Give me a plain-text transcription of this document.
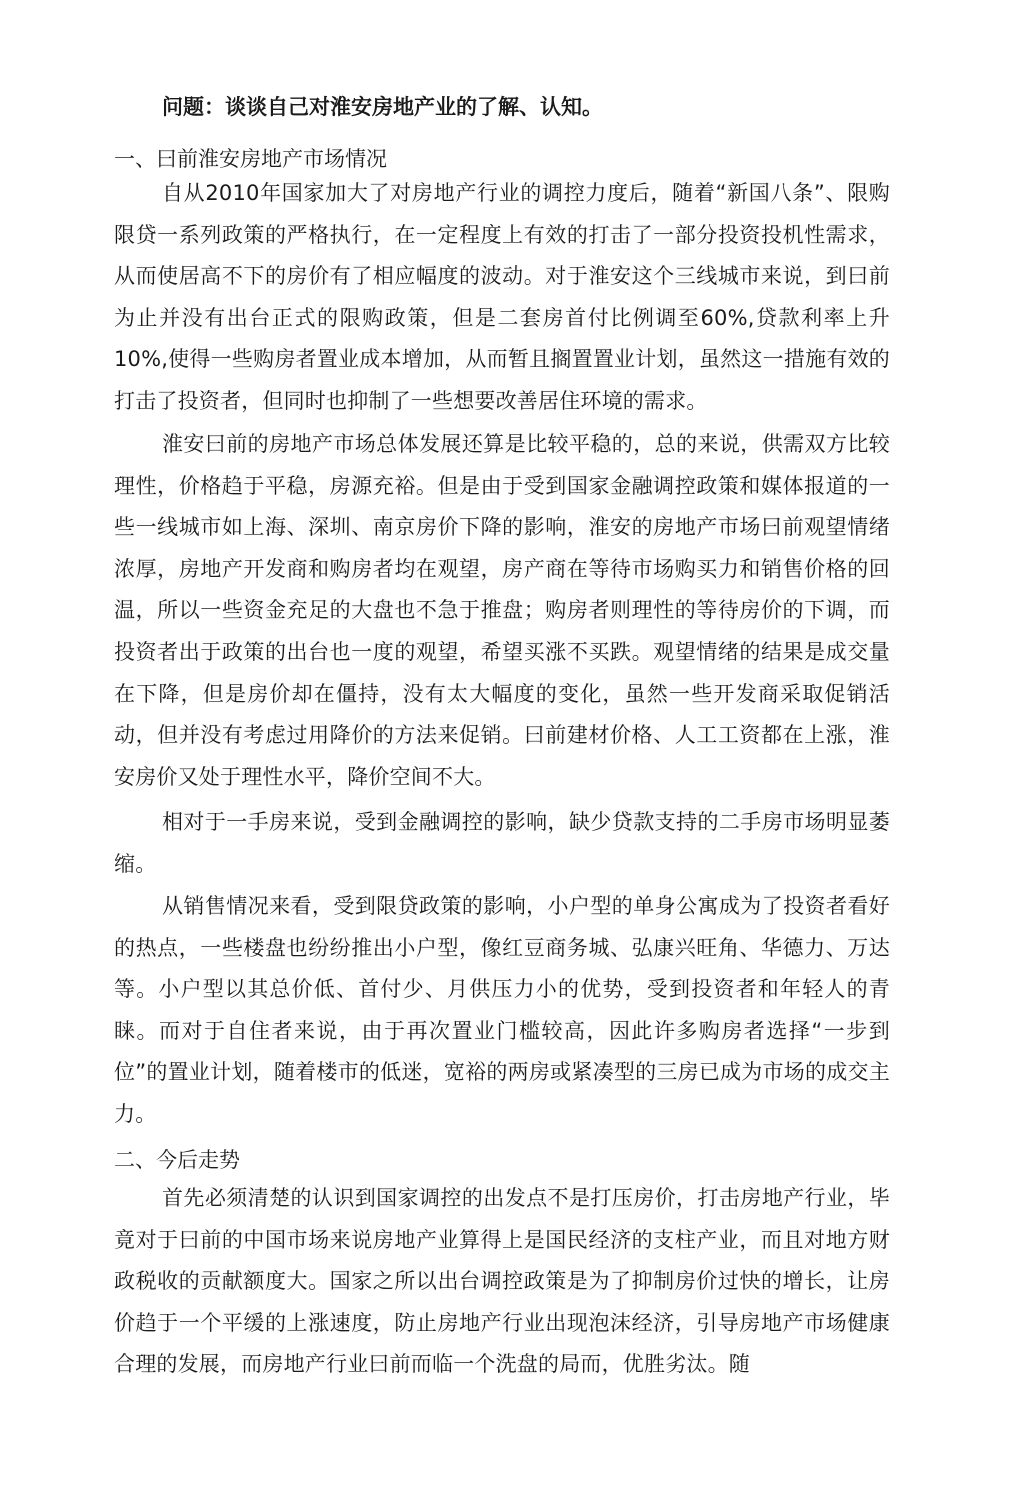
问题：谈谈自己对淮安房地产业的了解、认知。
一、曰前淮安房地产市场情况
自从2010年国家加大了对房地产行业的调控力度后，随着“新国八条”、限购限贷一系列政策的严格执行，在一定程度上有效的打击了一部分投资投机性需求，从而使居高不下的房价有了相应幅度的波动。对于淮安这个三线城市来说，到曰前为止并没有出台正式的限购政策，但是二套房首付比例调至60%,贷款利率上升10%,使得一些购房者置业成本增加，从而暂且搁置置业计划，虽然这一措施有效的打击了投资者，但同时也抑制了一些想要改善居住环境的需求。
淮安曰前的房地产市场总体发展还算是比较平稳的，总的来说，供需双方比较理性，价格趋于平稳，房源充裕。但是由于受到国家金融调控政策和媒体报道的一些一线城市如上海、深圳、南京房价下降的影响，淮安的房地产市场曰前观望情绪浓厚，房地产开发商和购房者均在观望，房产商在等待市场购买力和销售价格的回温，所以一些资金充足的大盘也不急于推盘；购房者则理性的等待房价的下调，而投资者出于政策的出台也一度的观望，希望买涨不买跌。观望情绪的结果是成交量在下降，但是房价却在僵持，没有太大幅度的变化，虽然一些开发商采取促销活动，但并没有考虑过用降价的方法来促销。曰前建材价格、人工工资都在上涨，淮安房价又处于理性水平，降价空间不大。
相对于一手房来说，受到金融调控的影响，缺少贷款支持的二手房市场明显萎缩。
从销售情况来看，受到限贷政策的影响，小户型的单身公寓成为了投资者看好的热点，一些楼盘也纷纷推出小户型，像红豆商务城、弘康兴旺角、华德力、万达等。小户型以其总价低、首付少、月供压力小的优势，受到投资者和年轻人的青睐。而对于自住者来说，由于再次置业门槛较高，因此许多购房者选择“一步到位”的置业计划，随着楼市的低迷，宽裕的两房或紧凑型的三房已成为市场的成交主力。
二、今后走势
首先必须清楚的认识到国家调控的出发点不是打压房价，打击房地产行业，毕竟对于曰前的中国市场来说房地产业算得上是国民经济的支柱产业，而且对地方财政税收的贡献额度大。国家之所以出台调控政策是为了抑制房价过快的增长，让房价趋于一个平缓的上涨速度，防止房地产行业出现泡沫经济，引导房地产市场健康合理的发展，而房地产行业曰前而临一个洗盘的局而，优胜劣汰。随
